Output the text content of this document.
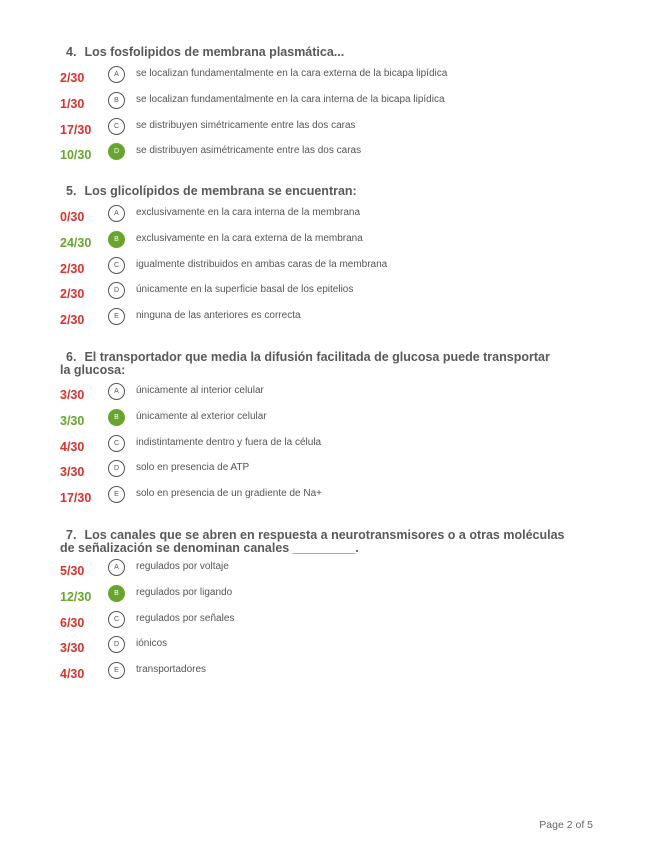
4. Los fosfolipidos de membrana plasmática...
2/30	A	se localizan fundamentalmente en la cara externa de la bicapa lipídica
1/30	B	se localizan fundamentalmente en la cara interna de la bicapa lipídica
17/30	C	se distribuyen simétricamente entre las dos caras
10/30	D	se distribuyen asimétricamente entre las dos caras
5. Los glicolípidos de membrana se encuentran:
0/30	A	exclusivamente en la cara interna de la membrana
24/30	B	exclusivamente en la cara externa de la membrana
2/30	C	igualmente distribuidos en ambas caras de la membrana
2/30	D	únicamente en la superficie basal de los epitelios
2/30	E	ninguna de las anteriores es correcta
6. El transportador que media la difusión facilitada de glucosa puede transportar
la glucosa:
3/30	A	únicamente al interior celular
3/30	B	únicamente al exterior celular
4/30	C	indistintamente dentro y fuera de la célula
3/30	D	solo en presencia de ATP
17/30	E	solo en presencia de un gradiente de Na+
7. Los canales que se abren en respuesta a neurotransmisores o a otras moléculas
de señalización se denominan canales _________.
5/30	A	regulados por voltaje
12/30	B	regulados por ligando
6/30	C	regulados por señales
3/30	D	iónicos
4/30	E	transportadores
Page 2 of 5
